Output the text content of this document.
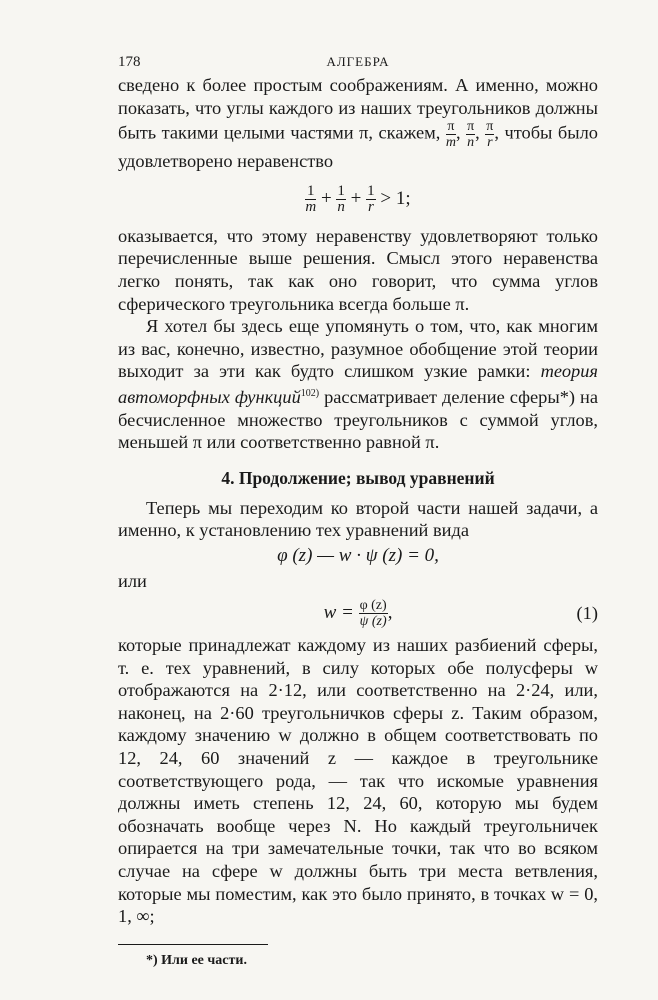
178	АЛГЕБРА

сведено к более простым соображениям. А именно, можно показать, что углы каждого из наших треугольников должны быть такими целыми частями π, скажем, $\frac{\pi}{m}$ , $\frac{\pi}{n}$ , $\frac{\pi}{r}$ , чтобы было удовлетворено неравенство

$\frac{1}{m} + \frac{1}{n} + \frac{1}{r} > 1$;

оказывается, что этому неравенству удовлетворяют только перечисленные выше решения. Смысл этого неравенства легко понять, так как оно говорит, что сумма углов сферического треугольника всегда больше π.

Я хотел бы здесь еще упомянуть о том, что, как многим из вас, конечно, известно, разумное обобщение этой теории выходит за эти как будто слишком узкие рамки: теория автоморфных функций$^{102)}$ рассматривает деление сферы*) на бесчисленное множество треугольников с суммой углов, меньшей π или соответственно равной π.

4. Продолжение; вывод уравнений

Теперь мы переходим ко второй части нашей задачи, а именно, к установлению тех уравнений вида

φ (z) — w · ψ (z) = 0,
или
$w = \frac{\varphi (z)}{\psi (z)}$ ,	(1)

которые принадлежат каждому из наших разбиений сферы, т. е. тех уравнений, в силу которых обе полусферы w отображаются на 2·12, или соответственно на 2·24, или, наконец, на 2·60 треугольничков сферы z. Таким образом, каждому значению w должно в общем соответствовать по 12, 24, 60 значений z — каждое в треугольнике соответствующего рода, — так что искомые уравнения должны иметь степень 12, 24, 60, которую мы будем обозначать вообще через N. Но каждый треугольничек опирается на три замечательные точки, так что во всяком случае на сфере w должны быть три места ветвления, которые мы поместим, как это было принято, в точках w = 0, 1, ∞;

*) Или ее части.
